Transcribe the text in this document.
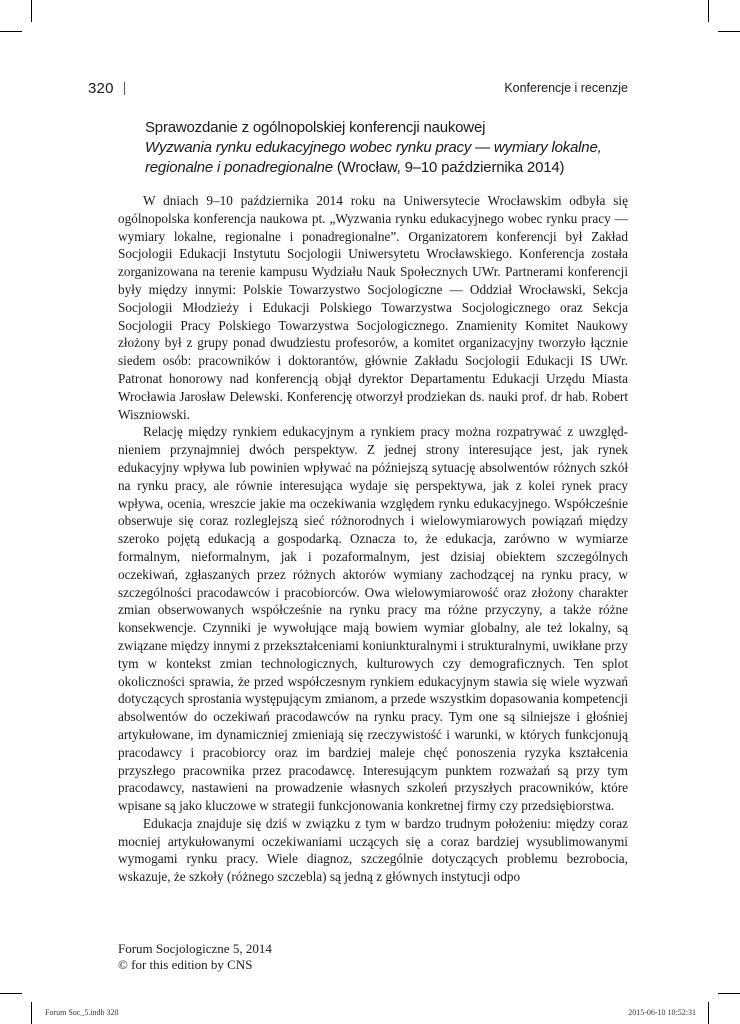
320	Konferencje i recenzje
Sprawozdanie z ogólnopolskiej konferencji naukowej
Wyzwania rynku edukacyjnego wobec rynku pracy — wymiary lokalne,
regionalne i ponadregionalne (Wrocław, 9–10 października 2014)

W dniach 9–10 października 2014 roku na Uniwersytecie Wrocławskim odbyła się ogólnopolska konferencja naukowa pt. „Wyzwania rynku edukacyjnego wobec rynku pracy — wymiary lokalne, regionalne i ponadregionalne”. Organizatorem konferencji był Zakład Socjologii Edukacji Instytutu Socjologii Uniwersytetu Wrocławskiego. Konferencja została zorganizowana na terenie kampusu Wydziału Nauk Społecznych UWr. Partnerami konferencji były między innymi: Polskie Towarzystwo Socjologiczne — Oddział Wrocławski, Sekcja Socjologii Młodzieży i Edukacji Polskiego Towarzystwa Socjologicznego oraz Sekcja Socjologii Pracy Polskiego Towarzystwa Socjologicznego. Znamienity Komitet Naukowy złożony był z grupy ponad dwudziestu profesorów, a komitet organizacyjny tworzyło łącznie siedem osób: pracowników i doktorantów, głównie Zakładu Socjologii Edukacji IS UWr. Patronat honorowy nad konferencją objął dyrektor Departamentu Edukacji Urzędu Miasta Wrocławia Jarosław Delewski. Konferencję otworzył prodziekan ds. nauki prof. dr hab. Robert Wiszniowski.

Relację między rynkiem edukacyjnym a rynkiem pracy można rozpatrywać z uwzględnieniem przynajmniej dwóch perspektyw. Z jednej strony interesujące jest, jak rynek edukacyjny wpływa lub powinien wpływać na późniejszą sytuację absolwentów różnych szkół na rynku pracy, ale równie interesująca wydaje się perspektywa, jak z kolei rynek pracy wpływa, ocenia, wreszcie jakie ma oczekiwania względem rynku edukacyjnego. Współcześnie obserwuje się coraz rozleglejszą sieć różnorodnych i wielowymiarowych powiązań między szeroko pojętą edukacją a gospodarką. Oznacza to, że edukacja, zarówno w wymiarze formalnym, nieformalnym, jak i pozaformalnym, jest dzisiaj obiektem szczególnych oczekiwań, zgłaszanych przez różnych aktorów wymiany zachodzącej na rynku pracy, w szczególności pracodawców i pracobiorców. Owa wielowymiarowość oraz złożony charakter zmian obserwowanych współcześnie na rynku pracy ma różne przyczyny, a także różne konsekwencje. Czynniki je wywołujące mają bowiem wymiar globalny, ale też lokalny, są związane między innymi z przekształceniami koniunkturalnymi i strukturalnymi, uwikłane przy tym w kontekst zmian technologicznych, kulturowych czy demograficznych. Ten splot okoliczności sprawia, że przed współczesnym rynkiem edukacyjnym stawia się wiele wyzwań dotyczących sprostania występującym zmianom, a przede wszystkim dopasowania kompetencji absolwentów do oczekiwań pracodawców na rynku pracy. Tym one są silniejsze i głośniej artykułowane, im dynamiczniej zmieniają się rzeczywistość i warunki, w których funkcjonują pracodawcy i pracobiorcy oraz im bardziej maleje chęć ponoszenia ryzyka kształcenia przyszłego pracownika przez pracodawcę. Interesującym punktem rozważań są przy tym pracodawcy, nastawieni na prowadzenie własnych szkoleń przyszłych pracowników, które wpisane są jako kluczowe w strategii funkcjonowania konkretnej firmy czy przedsiębiorstwa.

Edukacja znajduje się dziś w związku z tym w bardzo trudnym położeniu: między coraz mocniej artykułowanymi oczekiwaniami uczących się a coraz bardziej wysublimowanymi wymogami rynku pracy. Wiele diagnoz, szczególnie dotyczących problemu bezrobocia, wskazuje, że szkoły (różnego szczebla) są jedną z głównych instytucji odpo

Forum Socjologiczne 5, 2014
© for this edition by CNS
Forum Soc_5.indb 320	2015-06-10 10:52:31
